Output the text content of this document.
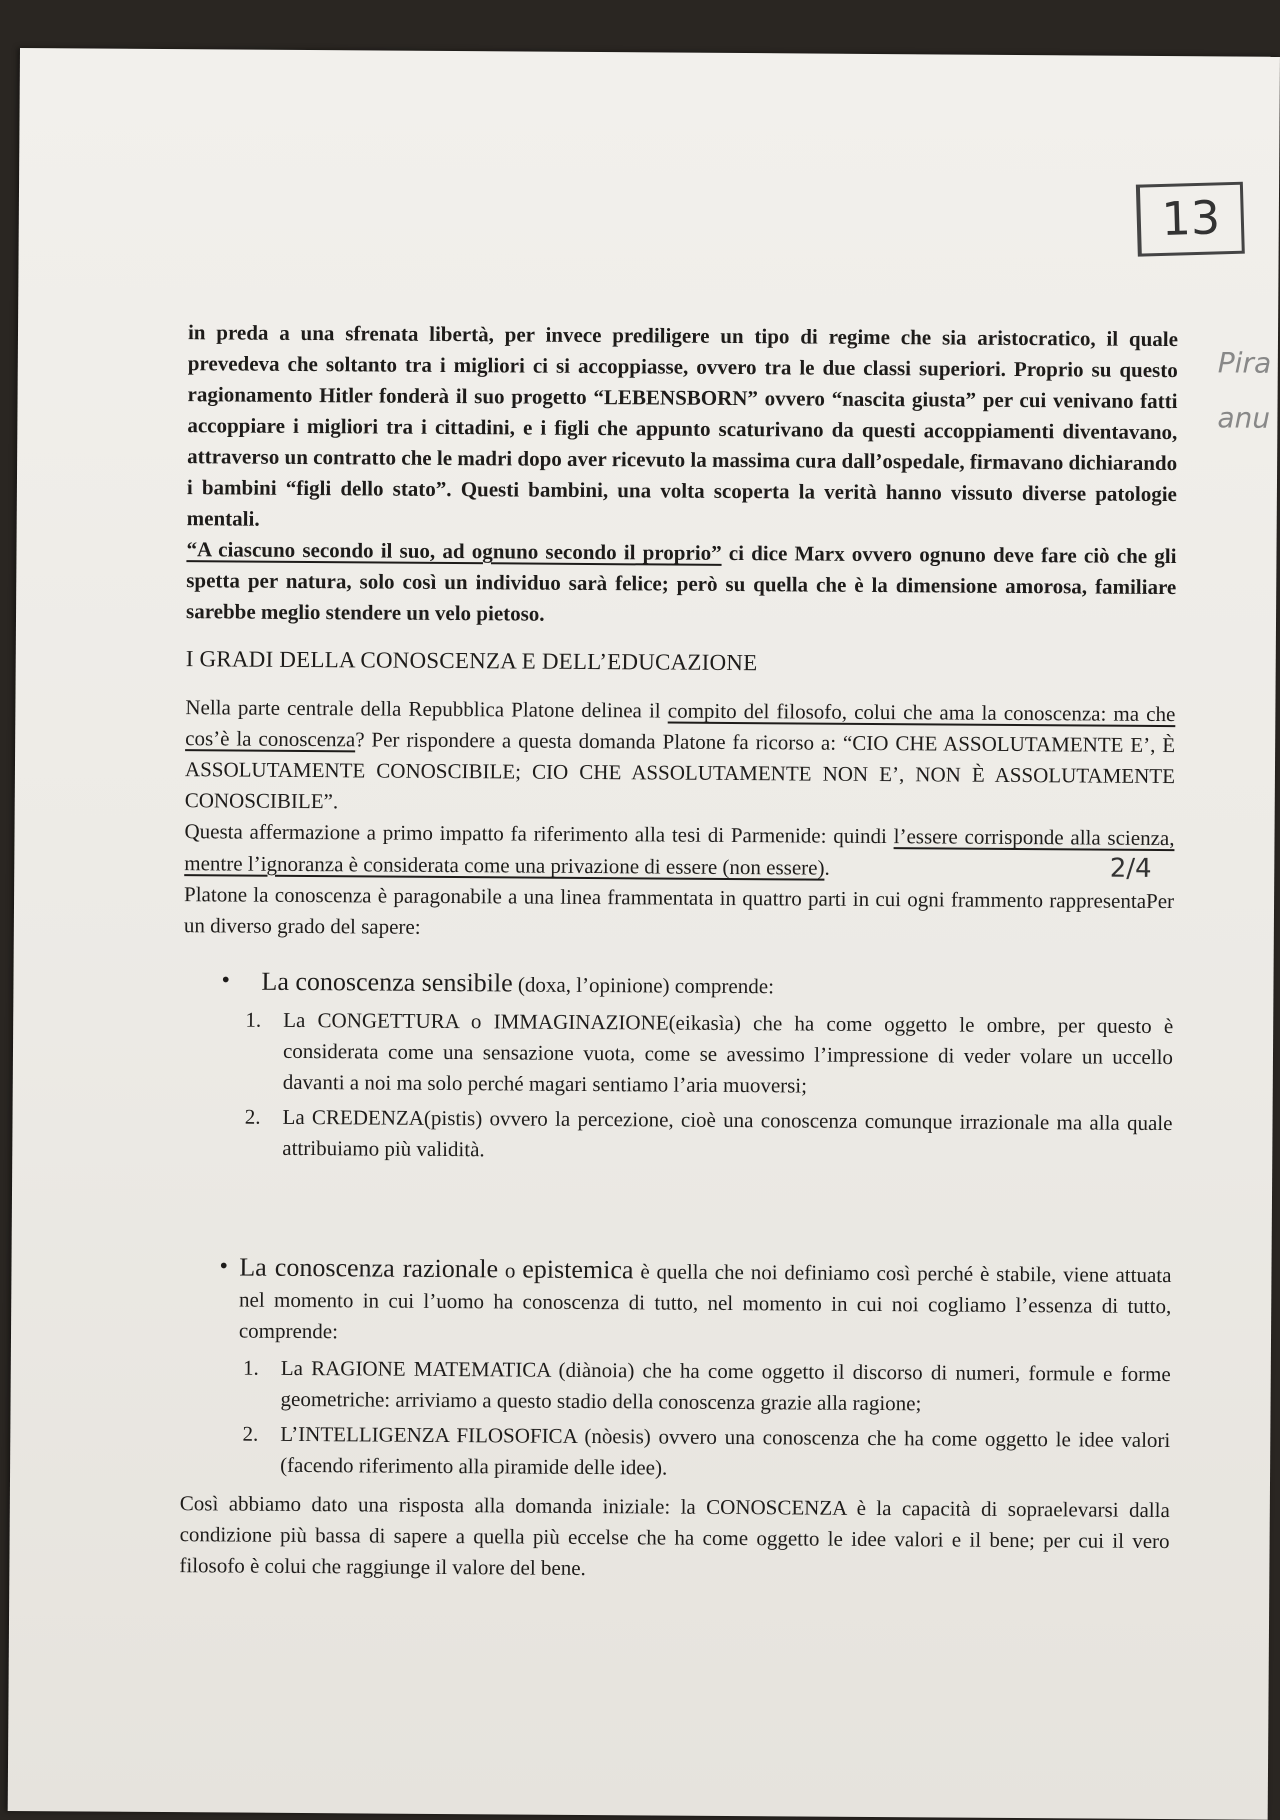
13
Pira
anu

in preda a una sfrenata libertà, per invece prediligere un tipo di regime che sia aristocratico, il quale prevedeva che soltanto tra i migliori ci si accoppiasse, ovvero tra le due classi superiori. Proprio su questo ragionamento Hitler fonderà il suo progetto “LEBENSBORN” ovvero “nascita giusta” per cui venivano fatti accoppiare i migliori tra i cittadini, e i figli che appunto scaturivano da questi accoppiamenti diventavano, attraverso un contratto che le madri dopo aver ricevuto la massima cura dall’ospedale, firmavano dichiarando i bambini “figli dello stato”. Questi bambini, una volta scoperta la verità hanno vissuto diverse patologie mentali.

“A ciascuno secondo il suo, ad ognuno secondo il proprio” ci dice Marx ovvero ognuno deve fare ciò che gli spetta per natura, solo così un individuo sarà felice; però su quella che è la dimensione amorosa, familiare sarebbe meglio stendere un velo pietoso.

I GRADI DELLA CONOSCENZA E DELL’EDUCAZIONE

Nella parte centrale della Repubblica Platone delinea il compito del filosofo, colui che ama la conoscenza: ma che cos’è la conoscenza? Per rispondere a questa domanda Platone fa ricorso a: “CIO CHE ASSOLUTAMENTE E’, È ASSOLUTAMENTE CONOSCIBILE; CIO CHE ASSOLUTAMENTE NON E’, NON È ASSOLUTAMENTE CONOSCIBILE”.

Questa affermazione a primo impatto fa riferimento alla tesi di Parmenide: quindi l’essere corrisponde alla scienza, mentre l’ignoranza è considerata come una privazione di essere (non essere).	2/4
Per

Platone la conoscenza è paragonabile a una linea frammentata in quattro parti in cui ogni frammento rappresenta un diverso grado del sapere:

•	La conoscenza sensibile (doxa, l’opinione) comprende:
1.	La CONGETTURA o IMMAGINAZIONE(eikasìa) che ha come oggetto le ombre, per questo è considerata come una sensazione vuota, come se avessimo l’impressione di veder volare un uccello davanti a noi ma solo perché magari sentiamo l’aria muoversi;
2.	La CREDENZA(pistis) ovvero la percezione, cioè una conoscenza comunque irrazionale ma alla quale attribuiamo più validità.
• La conoscenza razionale o epistemica è quella che noi definiamo così perché è stabile, viene attuata nel momento in cui l’uomo ha conoscenza di tutto, nel momento in cui noi cogliamo l’essenza di tutto, comprende:
1.	La RAGIONE MATEMATICA (diànoia) che ha come oggetto il discorso di numeri, formule e forme geometriche: arriviamo a questo stadio della conoscenza grazie alla ragione;
2.	L’INTELLIGENZA FILOSOFICA (nòesis) ovvero una conoscenza che ha come oggetto le idee valori (facendo riferimento alla piramide delle idee).

Così abbiamo dato una risposta alla domanda iniziale: la CONOSCENZA è la capacità di sopraelevarsi dalla condizione più bassa di sapere a quella più eccelse che ha come oggetto le idee valori e il bene; per cui il vero filosofo è colui che raggiunge il valore del bene.
